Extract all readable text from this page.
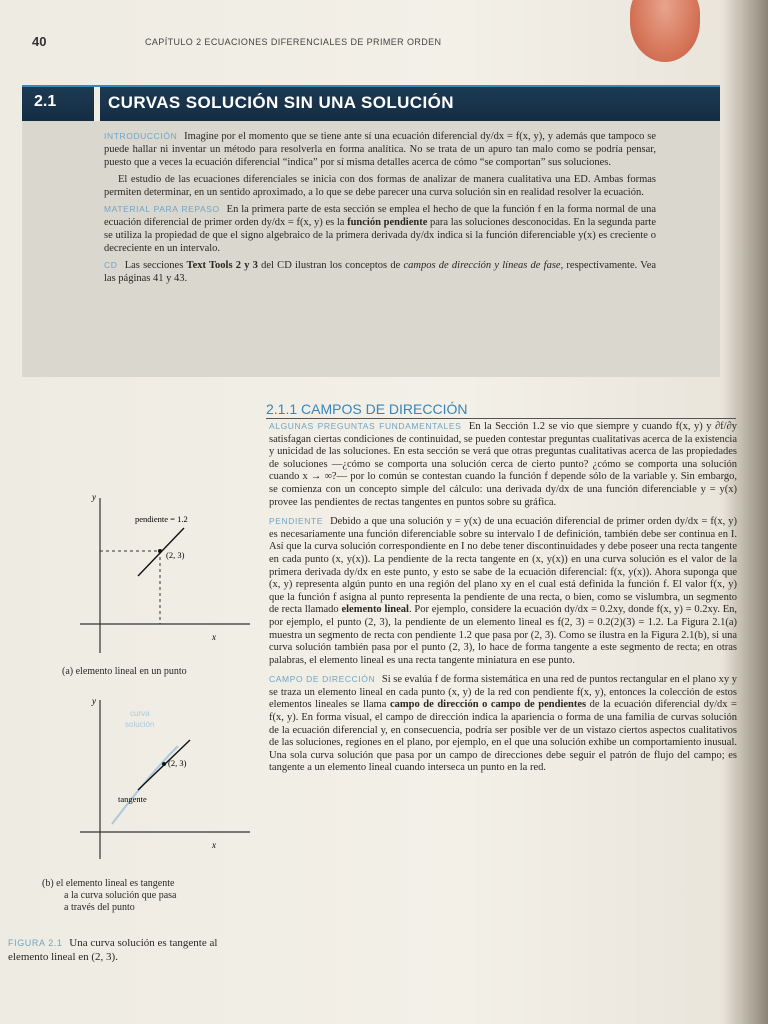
40	CAPÍTULO 2 ECUACIONES DIFERENCIALES DE PRIMER ORDEN
2.1	CURVAS SOLUCIÓN SIN UNA SOLUCIÓN

INTRODUCCIÓN Imagine por el momento que se tiene ante sí una ecuación diferencial dy/dx = f(x, y), y además que tampoco se puede hallar ni inventar un método para resolverla en forma analítica. No se trata de un apuro tan malo como se podría pensar, puesto que a veces la ecuación diferencial “indica” por sí misma detalles acerca de cómo “se comportan” sus soluciones.

El estudio de las ecuaciones diferenciales se inicia con dos formas de analizar de manera cualitativa una ED. Ambas formas permiten determinar, en un sentido aproximado, a lo que se debe parecer una curva solución sin en realidad resolver la ecuación.

MATERIAL PARA REPASO En la primera parte de esta sección se emplea el hecho de que la función f en la forma normal de una ecuación diferencial de primer orden dy/dx = f(x, y) es la función pendiente para las soluciones desconocidas. En la segunda parte se utiliza la propiedad de que el signo algebraico de la primera derivada dy/dx indica si la función diferenciable y(x) es creciente o decreciente en un intervalo.

CD Las secciones Text Tools 2 y 3 del CD ilustran los conceptos de campos de dirección y líneas de fase, respectivamente. Vea las páginas 41 y 43.

2.1.1 CAMPOS DE DIRECCIÓN

ALGUNAS PREGUNTAS FUNDAMENTALES En la Sección 1.2 se vio que siempre y cuando f(x, y) y ∂f/∂y satisfagan ciertas condiciones de continuidad, se pueden contestar preguntas cualitativas acerca de la existencia y unicidad de las soluciones. En esta sección se verá que otras preguntas cualitativas acerca de las propiedades de soluciones —¿cómo se comporta una solución cerca de cierto punto? ¿cómo se comporta una solución cuando x → ∞?— por lo común se contestan cuando la función f depende sólo de la variable y. Sin embargo, se comienza con un concepto simple del cálculo: una derivada dy/dx de una función diferenciable y = y(x) provee las pendientes de rectas tangentes en puntos sobre su gráfica.

PENDIENTE Debido a que una solución y = y(x) de una ecuación diferencial de primer orden dy/dx = f(x, y) es necesariamente una función diferenciable sobre su intervalo I de definición, también debe ser continua en I. Así que la curva solución correspondiente en I no debe tener discontinuidades y debe poseer una recta tangente en cada punto (x, y(x)). La pendiente de la recta tangente en (x, y(x)) en una curva solución es el valor de la primera derivada dy/dx en este punto, y esto se sabe de la ecuación diferencial: f(x, y(x)). Ahora suponga que (x, y) representa algún punto en una región del plano xy en el cual está definida la función f. El valor f(x, y) que la función f asigna al punto representa la pendiente de una recta, o bien, como se vislumbra, un segmento de recta llamado elemento lineal. Por ejemplo, considere la ecuación dy/dx = 0.2xy, donde f(x, y) = 0.2xy. En, por ejemplo, el punto (2, 3), la pendiente de un elemento lineal es f(2, 3) = 0.2(2)(3) = 1.2. La Figura 2.1(a) muestra un segmento de recta con pendiente 1.2 que pasa por (2, 3). Como se ilustra en la Figura 2.1(b), si una curva solución también pasa por el punto (2, 3), lo hace de forma tangente a este segmento de recta; en otras palabras, el elemento lineal es una recta tangente miniatura en ese punto.

CAMPO DE DIRECCIÓN Si se evalúa f de forma sistemática en una red de puntos rectangular en el plano xy y se traza un elemento lineal en cada punto (x, y) de la red con pendiente f(x, y), entonces la colección de estos elementos lineales se llama campo de dirección o campo de pendientes de la ecuación diferencial dy/dx = f(x, y). En forma visual, el campo de dirección indica la apariencia o forma de una familia de curvas solución de la ecuación diferencial y, en consecuencia, podría ser posible ver de un vistazo ciertos aspectos cualitativos de las soluciones, regiones en el plano, por ejemplo, en el que una solución exhibe un comportamiento inusual. Una sola curva solución que pasa por un campo de direcciones debe seguir el patrón de flujo del campo; es tangente a un elemento lineal cuando interseca un punto en la red.

y
x
pendiente = 1.2
(2, 3)
(a) elemento lineal en un punto
y
x
curva
solución
(2, 3)
tangente
(b) el elemento lineal es tangente
a la curva solución que pasa
a través del punto
FIGURA 2.1 Una curva solución es tangente al elemento lineal en (2, 3).
